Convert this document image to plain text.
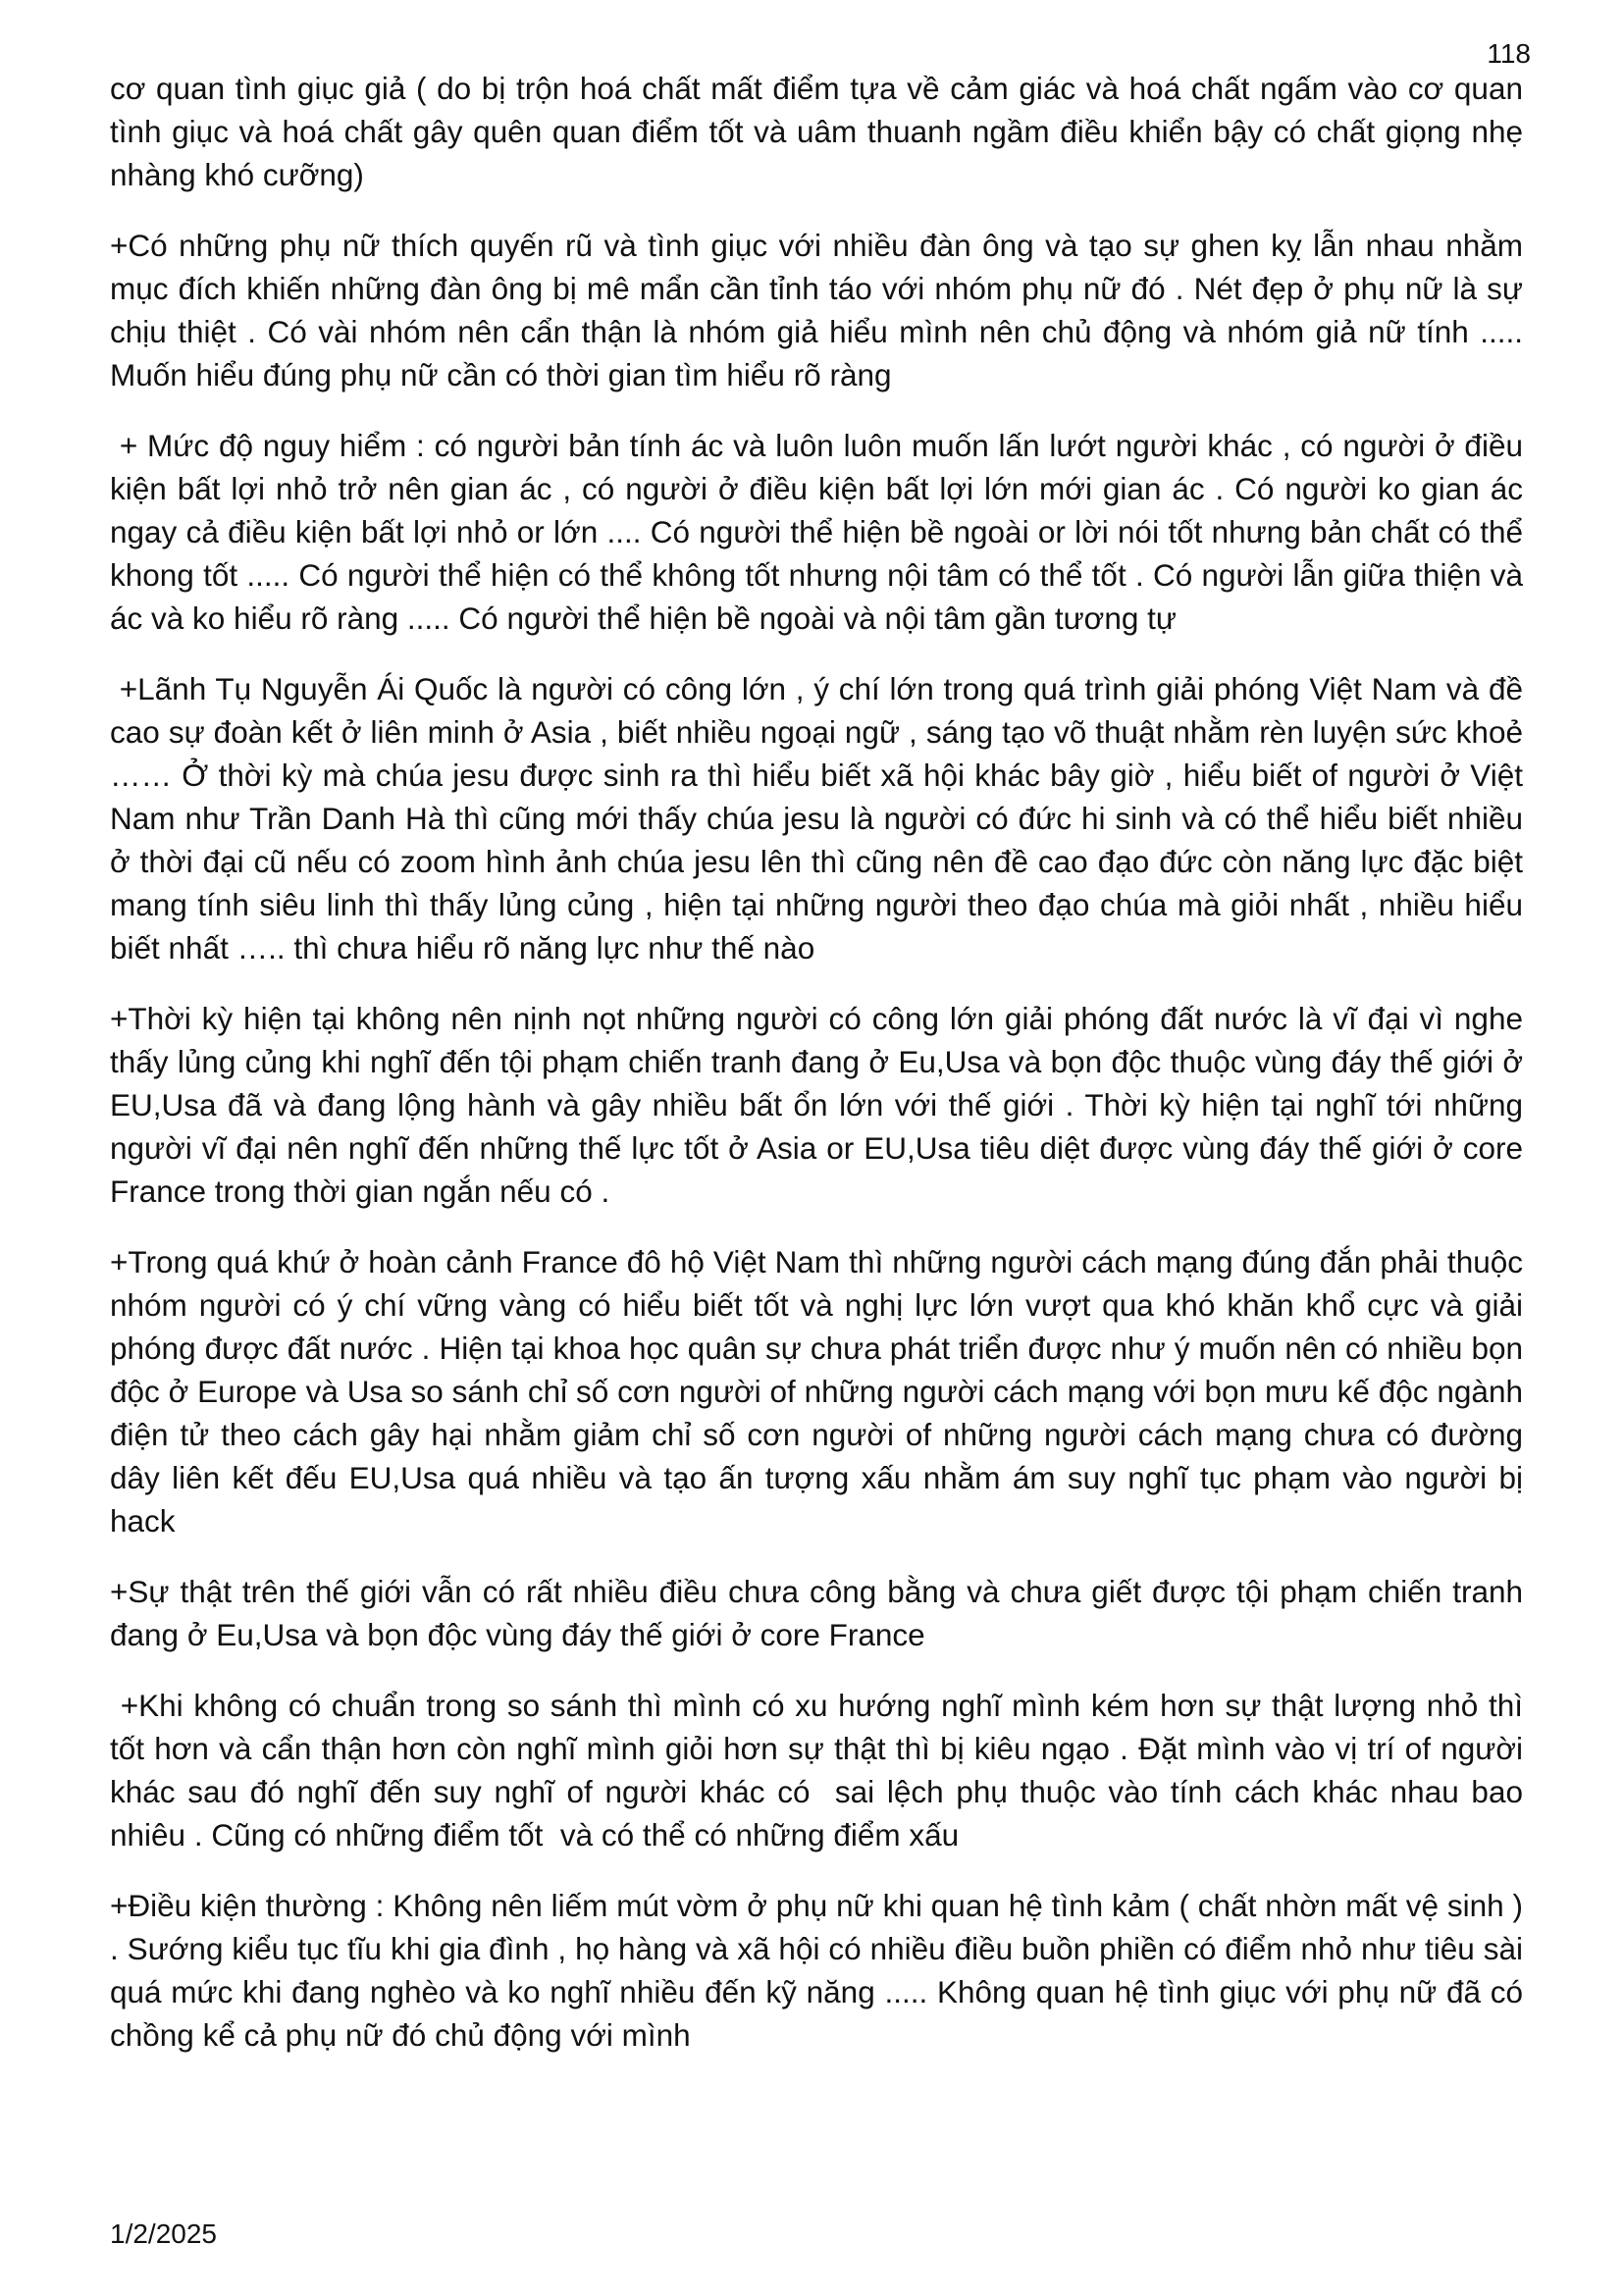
118

cơ quan tình giục giả ( do bị trộn hoá chất mất điểm tựa về cảm giác và hoá chất ngấm vào cơ quan tình giục và hoá chất gây quên quan điểm tốt và uâm thuanh ngầm điều khiển bậy có chất giọng nhẹ nhàng khó cưỡng)

+Có những phụ nữ thích quyến rũ và tình giục với nhiều đàn ông và tạo sự ghen kỵ lẫn nhau nhằm mục đích khiến những đàn ông bị mê mẩn cần tỉnh táo với nhóm phụ nữ đó . Nét đẹp ở phụ nữ là sự chịu thiệt . Có vài nhóm nên cẩn thận là nhóm giả hiểu mình nên chủ động và nhóm giả nữ tính .....  Muốn hiểu đúng phụ nữ cần có thời gian tìm hiểu rõ ràng

+ Mức độ nguy hiểm : có người bản tính ác và luôn luôn muốn lấn lướt người khác , có người ở điều kiện bất lợi nhỏ trở nên gian ác , có người ở điều kiện bất lợi lớn mới gian ác . Có người ko gian ác ngay cả điều kiện bất lợi nhỏ or lớn .... Có người thể hiện bề ngoài or lời nói tốt nhưng bản chất có thể khong tốt ..... Có người thể hiện có thể không tốt nhưng nội tâm có thể tốt . Có người lẫn giữa thiện và ác và ko hiểu rõ ràng ..... Có người thể hiện bề ngoài và nội tâm gần tương tự

+Lãnh Tụ Nguyễn Ái Quốc là người có công lớn , ý chí lớn trong quá trình giải phóng Việt Nam và đề cao sự đoàn kết ở liên minh ở Asia , biết nhiều ngoại ngữ , sáng tạo võ thuật nhằm rèn luyện sức khoẻ …… Ở thời kỳ mà chúa jesu được sinh ra thì hiểu biết xã hội khác bây giờ , hiểu biết of người ở Việt Nam như Trần Danh Hà thì cũng mới thấy chúa jesu là người có đức hi sinh và có thể hiểu biết nhiều ở thời đại cũ nếu có zoom hình ảnh chúa jesu lên thì cũng nên đề cao đạo đức còn năng lực đặc biệt mang tính siêu linh thì thấy lủng củng , hiện tại những người theo đạo chúa mà giỏi nhất , nhiều hiểu biết nhất ….. thì chưa hiểu rõ năng lực như thế nào

+Thời kỳ hiện tại không nên nịnh nọt những người có công lớn giải phóng đất nước là vĩ đại vì nghe thấy lủng củng khi nghĩ đến tội phạm chiến tranh đang ở Eu,Usa và bọn độc thuộc vùng đáy thế giới ở EU,Usa đã và đang lộng hành và gây nhiều bất ổn lớn với thế giới . Thời kỳ hiện tại nghĩ tới những người vĩ đại nên nghĩ đến những thế lực tốt ở Asia or EU,Usa tiêu diệt được vùng đáy thế giới ở core France trong thời gian ngắn nếu có .

+Trong quá khứ ở hoàn cảnh France đô hộ Việt Nam thì những người cách mạng đúng đắn phải thuộc nhóm người có ý chí vững vàng có hiểu biết tốt và nghị lực lớn vượt qua khó khăn khổ cực và giải phóng được đất nước . Hiện tại khoa học quân sự chưa phát triển được như ý muốn nên có nhiều bọn độc ở Europe và Usa so sánh chỉ số cơn người of những người cách mạng với bọn mưu kế độc ngành điện tử theo cách gây hại nhằm giảm chỉ số cơn người of những người cách mạng chưa có đường dây liên kết đếu EU,Usa quá nhiều và tạo ấn tượng xấu nhằm ám suy nghĩ tục phạm vào người bị hack

+Sự thật trên thế giới vẫn có rất nhiều điều chưa công bằng và chưa giết được tội phạm chiến tranh đang ở Eu,Usa và bọn độc vùng đáy thế giới ở core France

+Khi không có chuẩn trong so sánh thì mình có xu hướng nghĩ mình kém hơn sự thật lượng nhỏ thì tốt hơn và cẩn thận hơn còn nghĩ mình giỏi hơn sự thật thì bị kiêu ngạo . Đặt mình vào vị trí of người khác sau đó nghĩ đến suy nghĩ of người khác có  sai lệch phụ thuộc vào tính cách khác nhau bao nhiêu . Cũng có những điểm tốt  và có thể có những điểm xấu

+Điều kiện thường : Không nên liếm mút vờm ở phụ nữ khi quan hệ tình kảm ( chất nhờn mất vệ sinh ) . Sướng kiểu tục tĩu khi gia đình , họ hàng và xã hội có nhiều điều buồn phiền có điểm nhỏ như tiêu sài quá mức khi đang nghèo và ko nghĩ nhiều đến kỹ năng ..... Không quan hệ tình giục với phụ nữ đã có chồng kể cả phụ nữ đó chủ động với mình

1/2/2025
